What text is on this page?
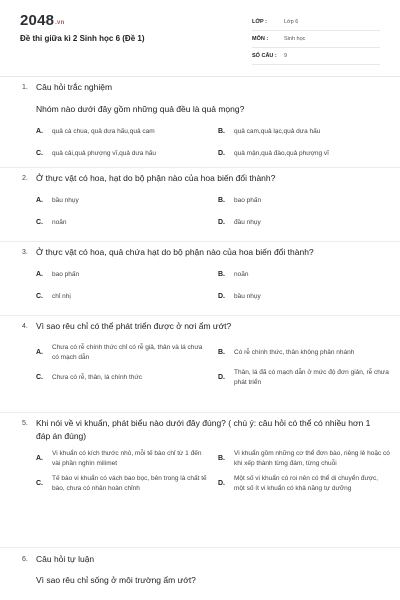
2048.vn
Đề thi giữa kì 2 Sinh học 6 (Đề 1)
LỚP :	Lớp 6
MÔN :	Sinh học
SỐ CÂU :	9
1. Câu hỏi trắc nghiệm
Nhóm nào dưới đây gồm những quả đều là quả mọng?
A.	quả cà chua, quả dưa hấu,quả cam	B.	quả cam,quả lạc,quả dưa hấu
C.	quả cải,quả phượng vĩ,quả dưa hấu	D.	quả mận,quả đào,quả phượng vĩ
2. Ở thực vật có hoa, hạt do bộ phận nào của hoa biến đổi thành?
A.	bầu nhụy	B.	bao phấn
C.	noãn	D.	đầu nhụy
3. Ở thực vật có hoa, quả chứa hạt do bộ phận nào của hoa biến đổi thành?
A.	bao phấn	B.	noãn
C.	chỉ nhị	D.	bầu nhụy
4. Vì sao rêu chỉ có thể phát triển được ở nơi ẩm ướt?
A.
Chưa có rễ chính thức chỉ có rễ giả, thân và lá chưa có mạch dẫn
B.	Có rễ chính thức, thân không phân nhánh
C.	Chưa có rễ, thân, lá chính thức	D.
Thân, lá đã có mạch dẫn ở mức độ đơn giản, rễ chưa phát triển
5. Khi nói về vi khuẩn, phát biểu nào dưới đây đúng? ( chú ý: câu hỏi có thể có nhiều hơn 1 đáp án đúng)
A.
Vi khuẩn có kích thước nhỏ, mỗi tế bào chỉ từ 1 đến vài phần nghìn milimet
B.
Vi khuẩn gồm những cơ thể đơn bào, riêng lẻ hoặc có khi xếp thành từng đám, từng chuỗi
C.
Tế bào vi khuẩn có vách bao bọc, bên trong là chất tế bào, chưa có nhân hoàn chỉnh
D.
Một số vi khuẩn có roi nên có thể di chuyển được, một số ít vi khuẩn có khả năng tự dưỡng
6. Câu hỏi tự luận
Vì sao rêu chỉ sống ở môi trường ẩm ướt?
